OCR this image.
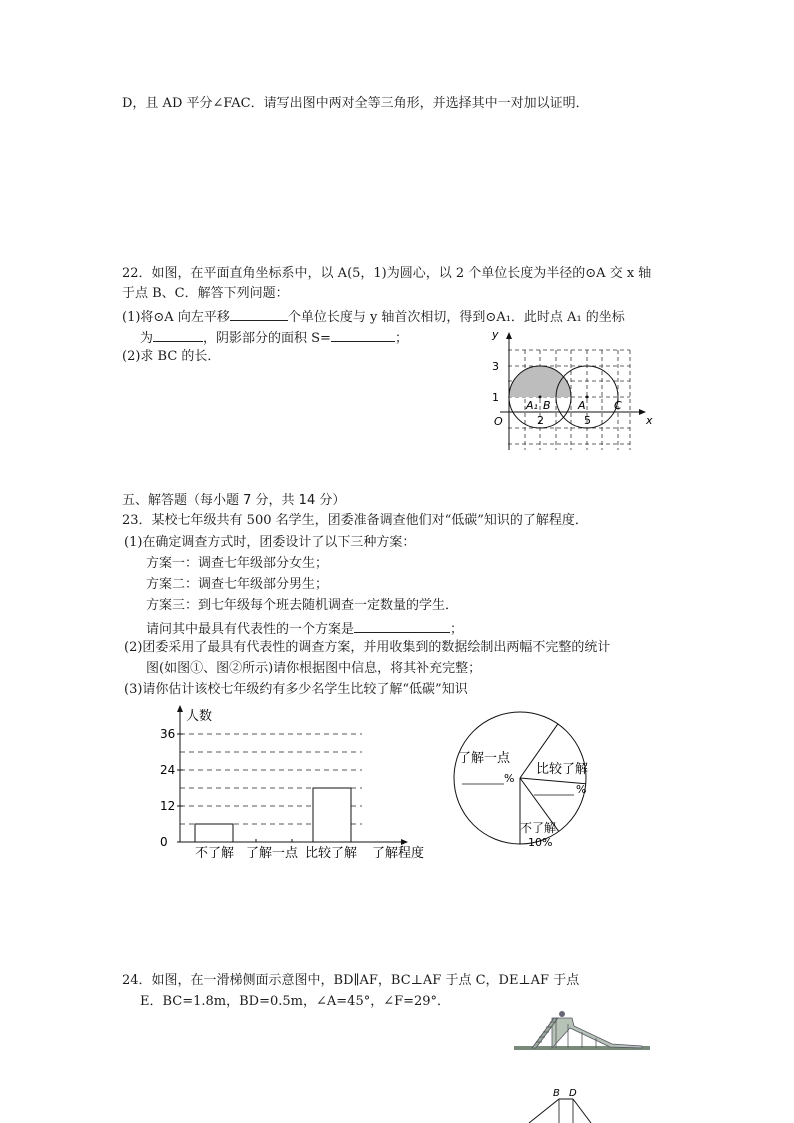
D，且 AD 平分∠FAC．请写出图中两对全等三角形，并选择其中一对加以证明．
22．如图，在平面直角坐标系中，以 A(5，1)为圆心，以 2 个单位长度为半径的⊙A 交 x 轴
于点 B、C．解答下列问题：
(1)将⊙A 向左平移	个单位长度与 y 轴首次相切，得到⊙A₁．此时点 A₁ 的坐标
为	，阴影部分的面积 S=	；
(2)求 BC 的长．
y
x
O
3
1
2	5
A₁ B A	C
五、解答题（每小题 7 分，共 14 分）
23．某校七年级共有 500 名学生，团委准备调查他们对“低碳”知识的了解程度．
(1)在确定调查方式时，团委设计了以下三种方案：
方案一：调查七年级部分女生；
方案二：调查七年级部分男生；
方案三：到七年级每个班去随机调查一定数量的学生．
请问其中最具有代表性的一个方案是	；
(2)团委采用了最具有代表性的调查方案，并用收集到的数据绘制出两幅不完整的统计
图(如图①、图②所示)请你根据图中信息，将其补充完整；
(3)请你估计该校七年级约有多少名学生比较了解“低碳”知识
0
12
24
36
人数
了解程度
不了解 了解一点 比较了解
了解一点
%
比较了解
%
不了解
10%
24．如图，在一滑梯侧面示意图中，BD∥AF，BC⊥AF 于点 C，DE⊥AF 于点
E．BC=1.8m，BD=0.5m，∠A=45°，∠F=29°．
B D
